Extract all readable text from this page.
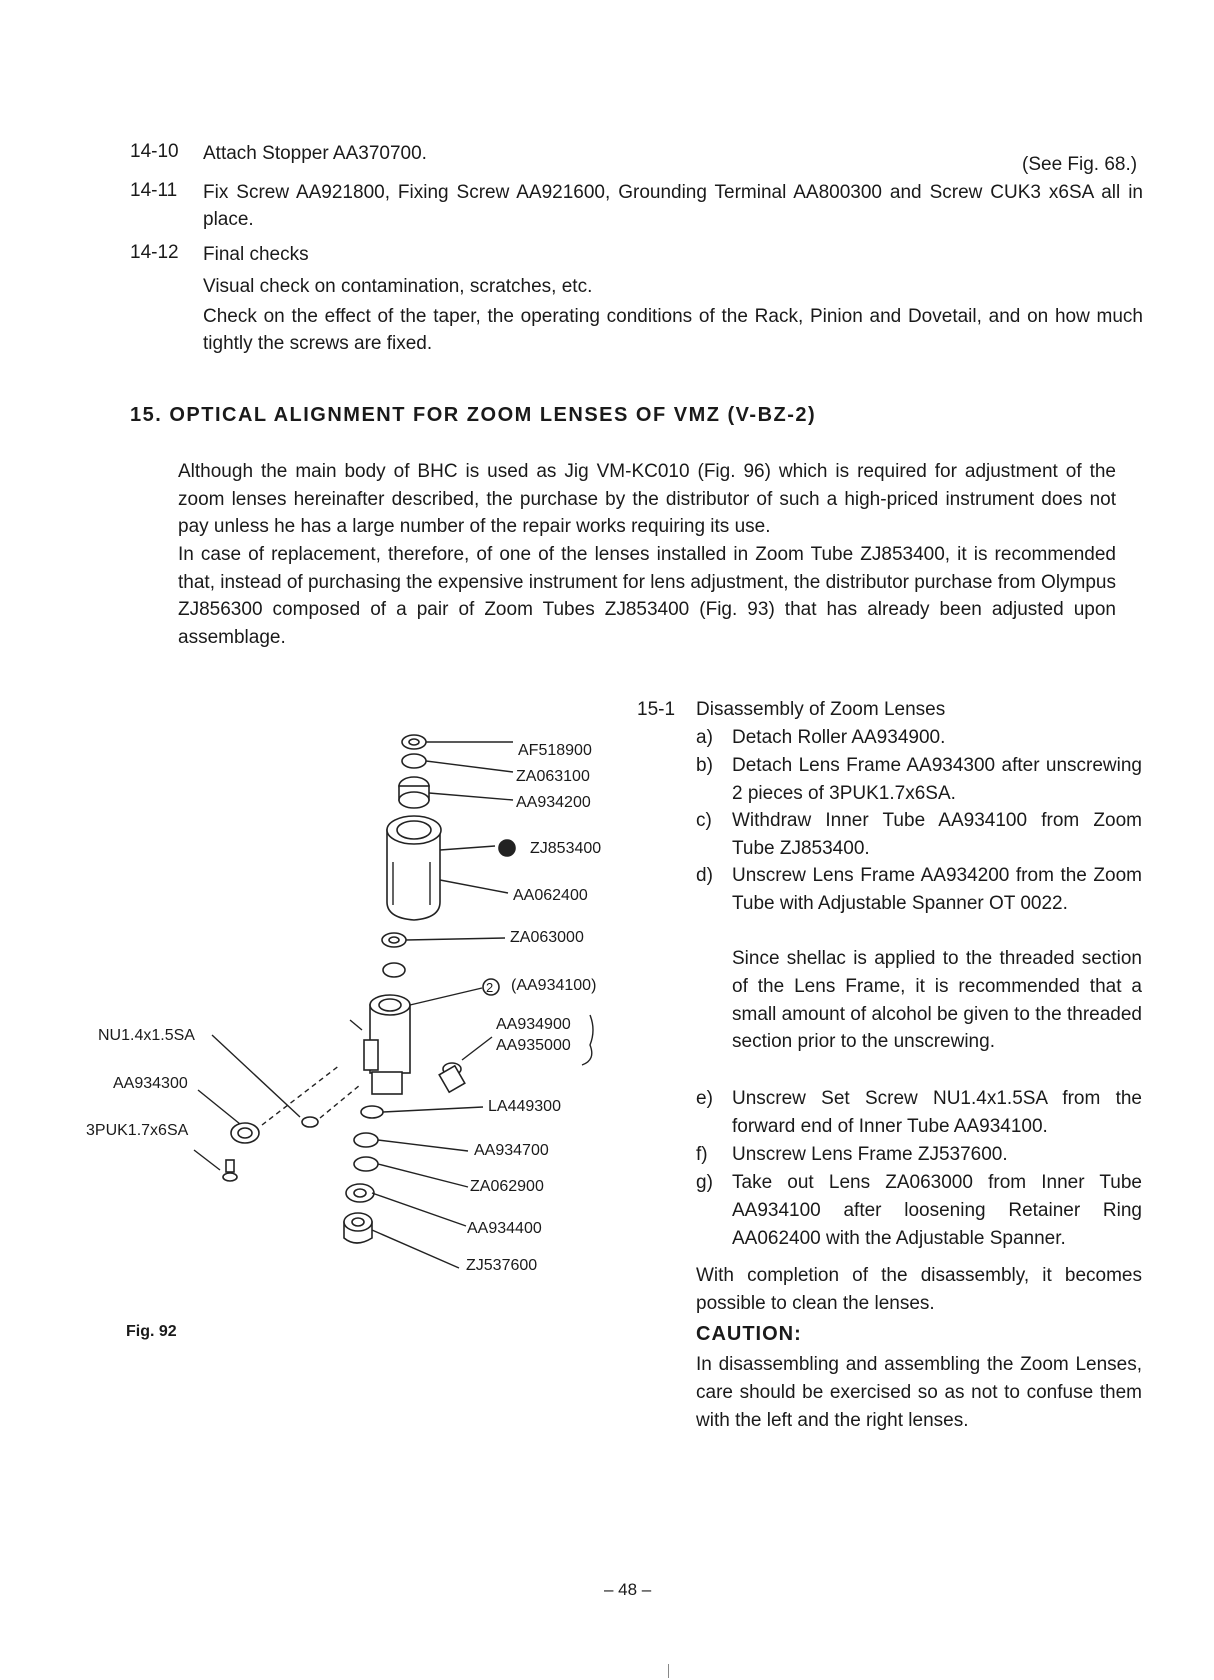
14-10 Attach Stopper AA370700.
(See Fig. 68.)
14-11 Fix Screw AA921800, Fixing Screw AA921600, Grounding Terminal AA800300 and Screw CUK3 x6SA all in place.
14-12 Final checks
Visual check on contamination, scratches, etc.
Check on the effect of the taper, the operating conditions of the Rack, Pinion and Dovetail, and on how much tightly the screws are fixed.
15. OPTICAL ALIGNMENT FOR ZOOM LENSES OF VMZ (V-BZ-2)
Although the main body of BHC is used as Jig VM-KC010 (Fig. 96) which is required for adjustment of the zoom lenses hereinafter described, the purchase by the distributor of such a high-priced instrument does not pay unless he has a large number of the repair works requiring its use.
In case of replacement, therefore, of one of the lenses installed in Zoom Tube ZJ853400, it is recommended that, instead of purchasing the expensive instrument for lens adjustment, the distributor purchase from Olympus ZJ856300 composed of a pair of Zoom Tubes ZJ853400 (Fig. 93) that has already been adjusted upon assemblage.
AF518900
ZA063100
AA934200
ZJ853400
AA062400
ZA063000
2 (AA934100)
AA934900
AA935000
LA449300
AA934700
ZA062900
AA934400
ZJ537600
NU1.4x1.5SA
AA934300
3PUK1.7x6SA
Fig. 92
15-1 Disassembly of Zoom Lenses
a) Detach Roller AA934900.
b) Detach Lens Frame AA934300 after unscrewing 2 pieces of 3PUK1.7x6SA.
c) Withdraw Inner Tube AA934100 from Zoom Tube ZJ853400.
d) Unscrew Lens Frame AA934200 from the Zoom Tube with Adjustable Spanner OT 0022.
Since shellac is applied to the threaded section of the Lens Frame, it is recommended that a small amount of alcohol be given to the threaded section prior to the unscrewing.
e) Unscrew Set Screw NU1.4x1.5SA from the forward end of Inner Tube AA934100.
f) Unscrew Lens Frame ZJ537600.
g) Take out Lens ZA063000 from Inner Tube AA934100 after loosening Retainer Ring AA062400 with the Adjustable Spanner.
With completion of the disassembly, it becomes possible to clean the lenses.
CAUTION:
In disassembling and assembling the Zoom Lenses, care should be exercised so as not to confuse them with the left and the right lenses.
– 48 –
